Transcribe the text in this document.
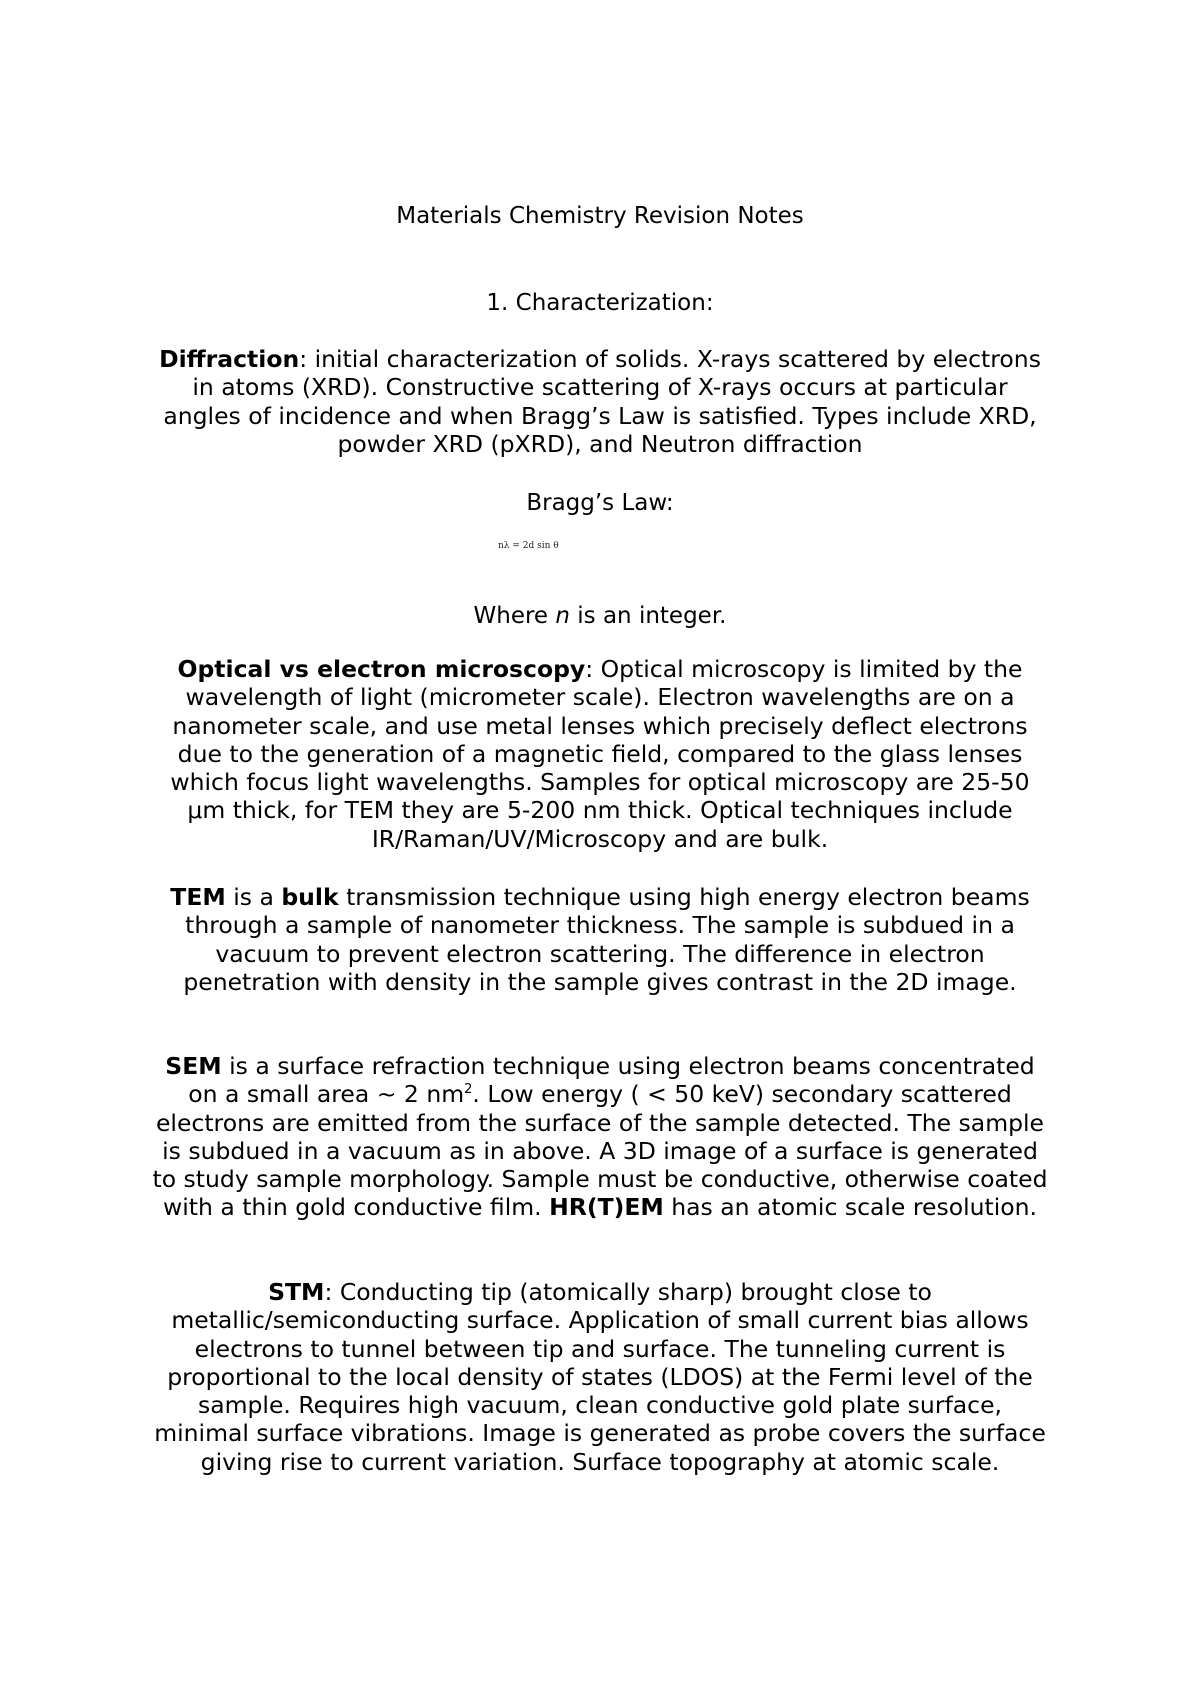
Materials Chemistry Revision Notes
1. Characterization:

Diffraction: initial characterization of solids. X-rays scattered by electrons in atoms (XRD). Constructive scattering of X-rays occurs at particular angles of incidence and when Bragg’s Law is satisfied. Types include XRD, powder XRD (pXRD), and Neutron diffraction

Bragg’s Law:
nλ = 2d sin θ
Where n is an integer.

Optical vs electron microscopy: Optical microscopy is limited by the wavelength of light (micrometer scale). Electron wavelengths are on a nanometer scale, and use metal lenses which precisely deflect electrons due to the generation of a magnetic field, compared to the glass lenses which focus light wavelengths. Samples for optical microscopy are 25-50 μm thick, for TEM they are 5-200 nm thick. Optical techniques include IR/Raman/UV/Microscopy and are bulk.

TEM is a bulk transmission technique using high energy electron beams through a sample of nanometer thickness. The sample is subdued in a vacuum to prevent electron scattering. The difference in electron penetration with density in the sample gives contrast in the 2D image.

SEM is a surface refraction technique using electron beams concentrated on a small area ~ 2 $nm^2$. Low energy ( < 50 keV) secondary scattered electrons are emitted from the surface of the sample detected. The sample is subdued in a vacuum as in above. A 3D image of a surface is generated to study sample morphology. Sample must be conductive, otherwise coated with a thin gold conductive film. HR(T)EM has an atomic scale resolution.

STM: Conducting tip (atomically sharp) brought close to metallic/semiconducting surface. Application of small current bias allows electrons to tunnel between tip and surface. The tunneling current is proportional to the local density of states (LDOS) at the Fermi level of the sample. Requires high vacuum, clean conductive gold plate surface, minimal surface vibrations. Image is generated as probe covers the surface giving rise to current variation. Surface topography at atomic scale.
